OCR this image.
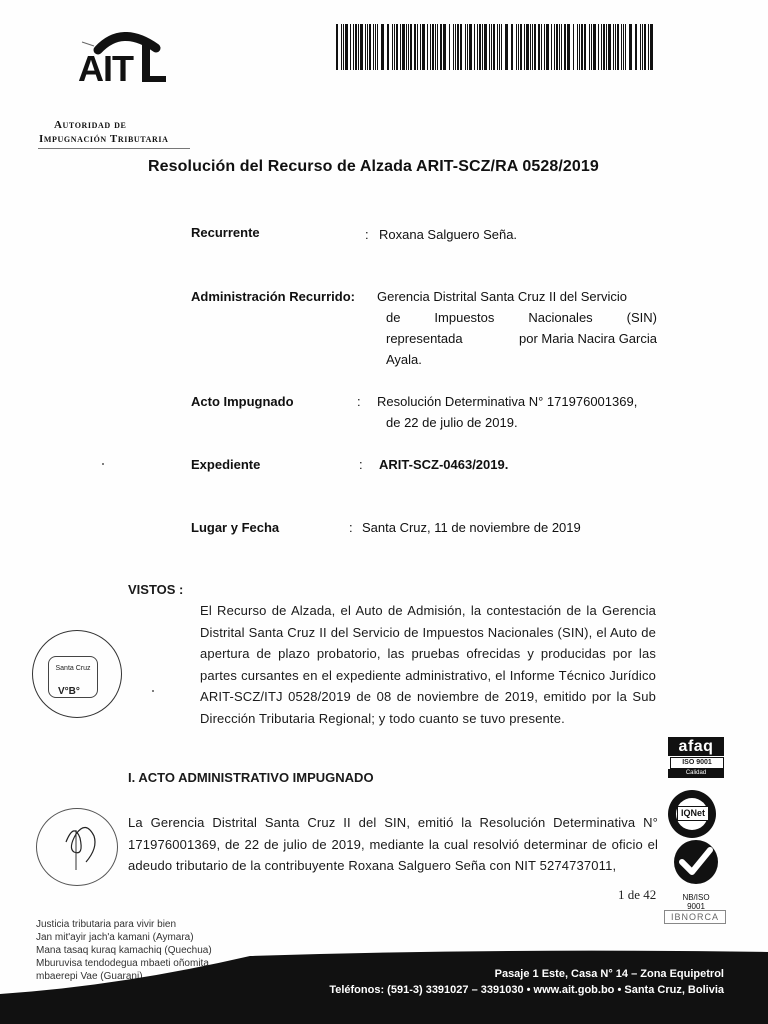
AIT
Autoridad de
Impugnación Tributaria
Resolución del Recurso de Alzada ARIT-SCZ/RA 0528/2019
Recurrente	: Roxana Salguero Seña.
Administración Recurrido: Gerencia Distrital Santa Cruz II del Servicio
de	Impuestos	Nacionales	(SIN)
representada	por Maria Nacira Garcia
Ayala.
Acto Impugnado	: Resolución Determinativa N° 171976001369,
de 22 de julio de 2019.
Expediente	: ARIT-SCZ-0463/2019.
Lugar y Fecha	: Santa Cruz, 11 de noviembre de 2019
VISTOS :
El Recurso de Alzada, el Auto de Admisión, la contestación de la Gerencia Distrital Santa Cruz II del Servicio de Impuestos Nacionales (SIN), el Auto de apertura de plazo probatorio, las pruebas ofrecidas y producidas por las partes cursantes en el expediente administrativo, el Informe Técnico Jurídico ARIT-SCZ/ITJ 0528/2019 de 08 de noviembre de 2019, emitido por la Sub Dirección Tributaria Regional; y todo cuanto se tuvo presente.
I. ACTO ADMINISTRATIVO IMPUGNADO
La Gerencia Distrital Santa Cruz II del SIN, emitió la Resolución Determinativa N° 171976001369, de 22 de julio de 2019, mediante la cual resolvió determinar de oficio el adeudo tributario de la contribuyente Roxana Salguero Seña con NIT 5274737011,
1 de 42
Santa Cruz
V°B°
afaq
ISO 9001
Calidad
IQNet
NB/ISO
9001
IBNORCA
Justicia tributaria para vivir bien
Jan mit'ayir jach'a kamani (Aymara)
Mana tasaq kuraq kamachiq (Quechua)
Mburuvisa tendodegua mbaeti oñomita
mbaerepi Vae (Guarani)	Pasaje 1 Este, Casa N° 14 – Zona Equipetrol
Teléfonos: (591-3) 3391027 – 3391030 • www.ait.gob.bo • Santa Cruz, Bolivia
